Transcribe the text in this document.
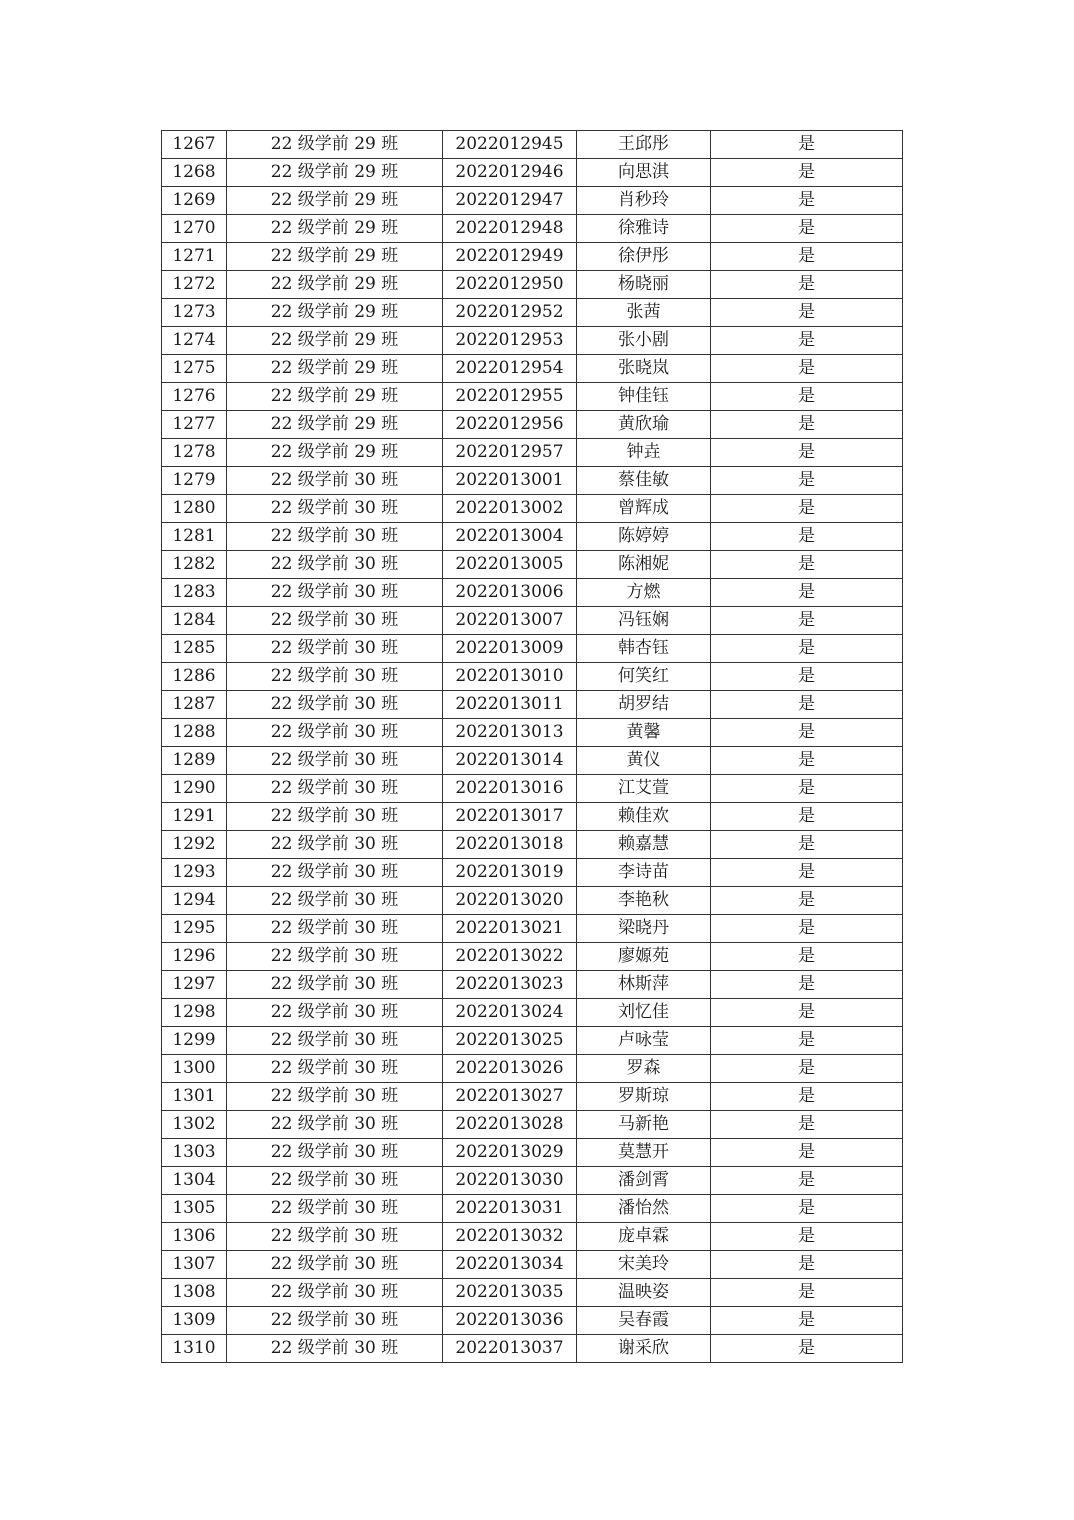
1267	22 级学前 29 班	2022012945	王邱彤	是
1268	22 级学前 29 班	2022012946	向思淇	是
1269	22 级学前 29 班	2022012947	肖秒玲	是
1270	22 级学前 29 班	2022012948	徐雅诗	是
1271	22 级学前 29 班	2022012949	徐伊彤	是
1272	22 级学前 29 班	2022012950	杨晓丽	是
1273	22 级学前 29 班	2022012952	张茜	是
1274	22 级学前 29 班	2022012953	张小剧	是
1275	22 级学前 29 班	2022012954	张晓岚	是
1276	22 级学前 29 班	2022012955	钟佳钰	是
1277	22 级学前 29 班	2022012956	黄欣瑜	是
1278	22 级学前 29 班	2022012957	钟垚	是
1279	22 级学前 30 班	2022013001	蔡佳敏	是
1280	22 级学前 30 班	2022013002	曾辉成	是
1281	22 级学前 30 班	2022013004	陈婷婷	是
1282	22 级学前 30 班	2022013005	陈湘妮	是
1283	22 级学前 30 班	2022013006	方燃	是
1284	22 级学前 30 班	2022013007	冯钰娴	是
1285	22 级学前 30 班	2022013009	韩杏钰	是
1286	22 级学前 30 班	2022013010	何笑红	是
1287	22 级学前 30 班	2022013011	胡罗结	是
1288	22 级学前 30 班	2022013013	黄馨	是
1289	22 级学前 30 班	2022013014	黄仪	是
1290	22 级学前 30 班	2022013016	江艾萱	是
1291	22 级学前 30 班	2022013017	赖佳欢	是
1292	22 级学前 30 班	2022013018	赖嘉慧	是
1293	22 级学前 30 班	2022013019	李诗苗	是
1294	22 级学前 30 班	2022013020	李艳秋	是
1295	22 级学前 30 班	2022013021	梁晓丹	是
1296	22 级学前 30 班	2022013022	廖嫄苑	是
1297	22 级学前 30 班	2022013023	林斯萍	是
1298	22 级学前 30 班	2022013024	刘忆佳	是
1299	22 级学前 30 班	2022013025	卢咏莹	是
1300	22 级学前 30 班	2022013026	罗森	是
1301	22 级学前 30 班	2022013027	罗斯琼	是
1302	22 级学前 30 班	2022013028	马新艳	是
1303	22 级学前 30 班	2022013029	莫慧开	是
1304	22 级学前 30 班	2022013030	潘剑霄	是
1305	22 级学前 30 班	2022013031	潘怡然	是
1306	22 级学前 30 班	2022013032	庞卓霖	是
1307	22 级学前 30 班	2022013034	宋美玲	是
1308	22 级学前 30 班	2022013035	温映姿	是
1309	22 级学前 30 班	2022013036	吴春霞	是
1310	22 级学前 30 班	2022013037	谢采欣	是
